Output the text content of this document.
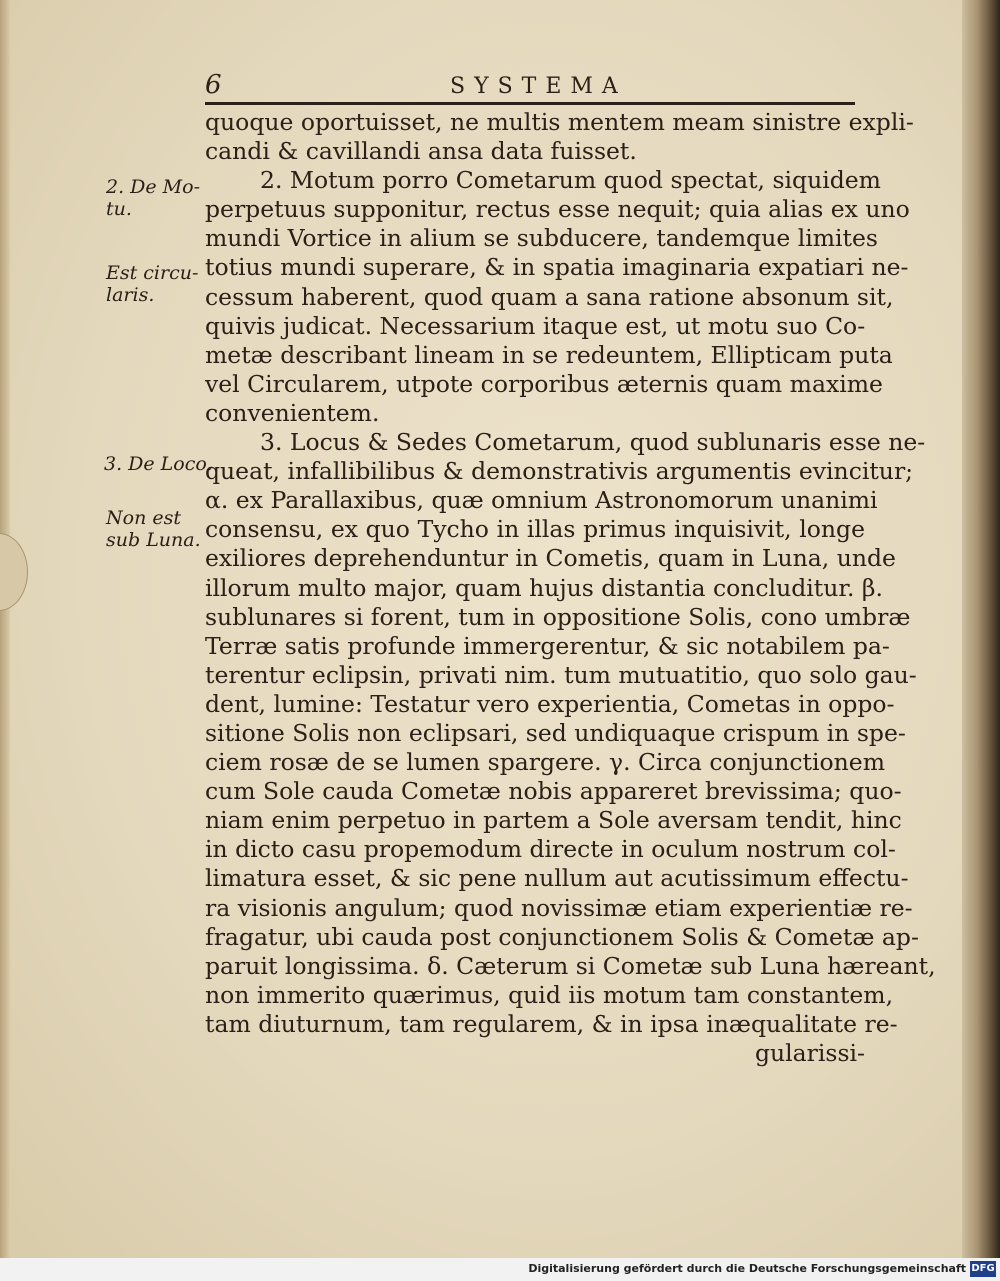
6	SYSTEMA
2. De Mo-
tu.
Est circu-
laris.
3. De Loco.
Non est
sub Luna.
quoque oportuisset, ne multis mentem meam sinistre expli-
candi & cavillandi ansa data fuisset.
2. Motum porro Cometarum quod spectat, siquidem
perpetuus supponitur, rectus esse nequit; quia alias ex uno
mundi Vortice in alium se subducere, tandemque limites
totius mundi superare, & in spatia imaginaria expatiari ne-
cessum haberent, quod quam a sana ratione absonum sit,
quivis judicat. Necessarium itaque est, ut motu suo Co-
metæ describant lineam in se redeuntem, Ellipticam puta
vel Circularem, utpote corporibus æternis quam maxime
convenientem.
3. Locus & Sedes Cometarum, quod sublunaris esse ne-
queat, infallibilibus & demonstrativis argumentis evincitur;
α. ex Parallaxibus, quæ omnium Astronomorum unanimi
consensu, ex quo Tycho in illas primus inquisivit, longe
exiliores deprehenduntur in Cometis, quam in Luna, unde
illorum multo major, quam hujus distantia concluditur. β.
sublunares si forent, tum in oppositione Solis, cono umbræ
Terræ satis profunde immergerentur, & sic notabilem pa-
terentur eclipsin, privati nim. tum mutuatitio, quo solo gau-
dent, lumine: Testatur vero experientia, Cometas in oppo-
sitione Solis non eclipsari, sed undiquaque crispum in spe-
ciem rosæ de se lumen spargere. γ. Circa conjunctionem
cum Sole cauda Cometæ nobis appareret brevissima; quo-
niam enim perpetuo in partem a Sole aversam tendit, hinc
in dicto casu propemodum directe in oculum nostrum col-
limatura esset, & sic pene nullum aut acutissimum effectu-
ra visionis angulum; quod novissimæ etiam experientiæ re-
fragatur, ubi cauda post conjunctionem Solis & Cometæ ap-
paruit longissima. δ. Cæterum si Cometæ sub Luna hæreant,
non immerito quærimus, quid iis motum tam constantem,
tam diuturnum, tam regularem, & in ipsa inæqualitate re-
gularissi-
Digitalisierung gefördert durch die Deutsche Forschungsgemeinschaft DFG
